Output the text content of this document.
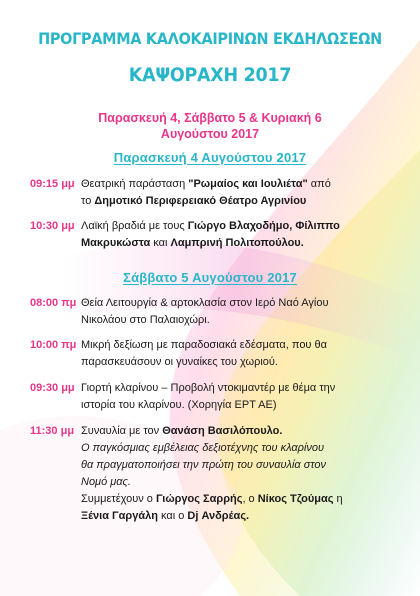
ΠΡΟΓΡΑΜΜΑ ΚΑΛΟΚΑΙΡΙΝΩΝ ΕΚΔΗΛΩΣΕΩΝ
ΚΑΨΟΡΑΧΗ 2017
Παρασκευή 4, Σάββατο 5 & Κυριακή 6
Αυγούστου 2017
Παρασκευή 4 Αυγούστου 2017
09:15 μμ Θεατρική παράσταση "Ρωμαίος και Ιουλιέτα" από
το Δημοτικό Περιφερειακό Θέατρο Αγρινίου
10:30 μμ Λαϊκή βραδιά με τους Γιώργο Βλαχοδήμο, Φίλιππο
Μακρυκώστα και Λαμπρινή Πολιτοπούλου.
Σάββατο 5 Αυγούστου 2017
08:00 πμ Θεία Λειτουργία & αρτοκλασία στον Ιερό Ναό Αγίου
Νικολάου στο Παλαιοχώρι.
10:00 πμ Μικρή δεξίωση με παραδοσιακά εδέσματα, που θα
παρασκευάσουν οι γυναίκες του χωριού.
09:30 μμ Γιορτή κλαρίνου – Προβολή ντοκιμαντέρ με θέμα την
ιστορία του κλαρίνου. (Χορηγία ΕΡΤ ΑΕ)
11:30 μμ Συναυλία με τον Θανάση Βασιλόπουλο.
Ο παγκόσμιας εμβέλειας δεξιοτέχνης του κλαρίνου
θα πραγματοποιήσει την πρώτη του συναυλία στον
Νομό μας.
Συμμετέχουν ο Γιώργος Σαρρής, ο Νίκος Τζούμας η
Ξένια Γαργάλη και ο Dj Ανδρέας.
